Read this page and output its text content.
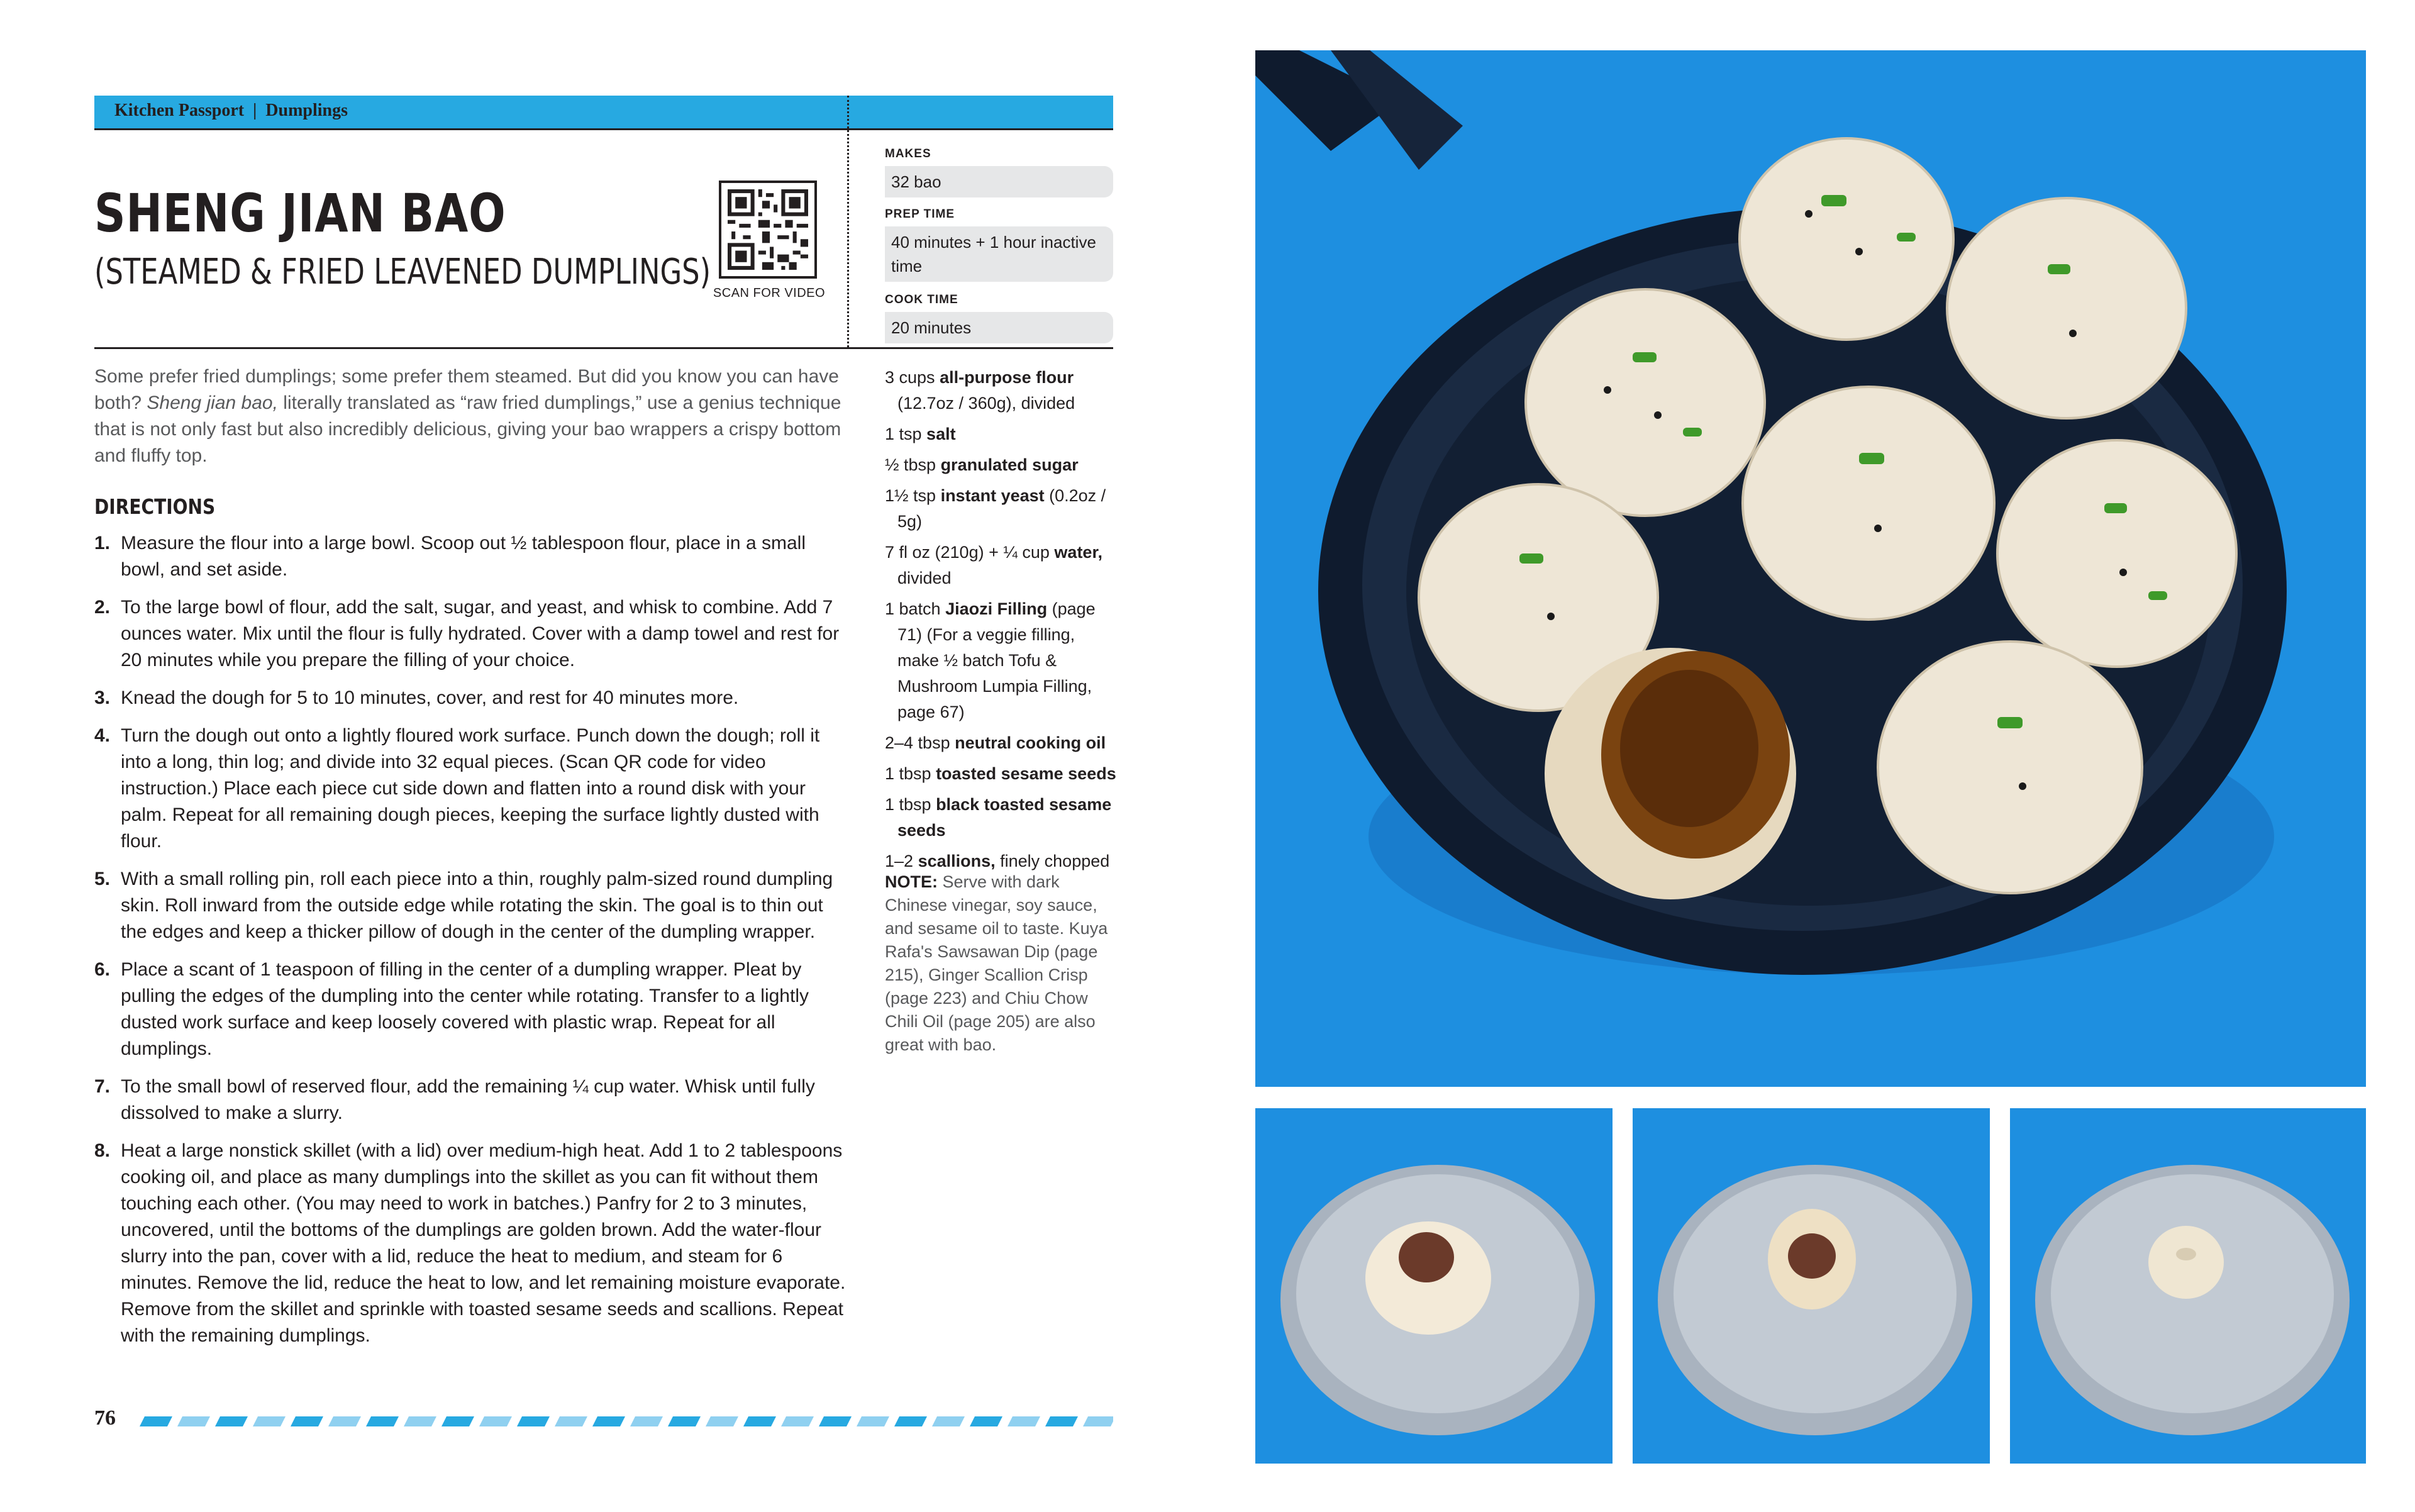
Kitchen Passport | Dumplings
SHENG JIAN BAO
(STEAMED & FRIED LEAVENED DUMPLINGS)
SCAN FOR VIDEO
MAKES
32 bao
PREP TIME
40 minutes + 1 hour inactive time
COOK TIME
20 minutes
Some prefer fried dumplings; some prefer them steamed. But did you know you can have both? Sheng jian bao, literally translated as “raw fried dumplings,” use a genius technique that is not only fast but also incredibly delicious, giving your bao wrappers a crispy bottom and fluffy top.
DIRECTIONS
1. Measure the flour into a large bowl. Scoop out ½ tablespoon flour, place in a small bowl, and set aside.
2. To the large bowl of flour, add the salt, sugar, and yeast, and whisk to combine. Add 7 ounces water. Mix until the flour is fully hydrated. Cover with a damp towel and rest for 20 minutes while you prepare the filling of your choice.
3. Knead the dough for 5 to 10 minutes, cover, and rest for 40 minutes more.
4. Turn the dough out onto a lightly floured work surface. Punch down the dough; roll it into a long, thin log; and divide into 32 equal pieces. (Scan QR code for video instruction.) Place each piece cut side down and flatten into a round disk with your palm. Repeat for all remaining dough pieces, keeping the surface lightly dusted with flour.
5. With a small rolling pin, roll each piece into a thin, roughly palm-sized round dumpling skin. Roll inward from the outside edge while rotating the skin. The goal is to thin out the edges and keep a thicker pillow of dough in the center of the dumpling wrapper.
6. Place a scant of 1 teaspoon of filling in the center of a dumpling wrapper. Pleat by pulling the edges of the dumpling into the center while rotating. Transfer to a lightly dusted work surface and keep loosely covered with plastic wrap. Repeat for all dumplings.
7. To the small bowl of reserved flour, add the remaining ¼ cup water. Whisk until fully dissolved to make a slurry.
8. Heat a large nonstick skillet (with a lid) over medium-high heat. Add 1 to 2 tablespoons cooking oil, and place as many dumplings into the skillet as you can fit without them touching each other. (You may need to work in batches.) Panfry for 2 to 3 minutes, uncovered, until the bottoms of the dumplings are golden brown. Add the water-flour slurry into the pan, cover with a lid, reduce the heat to medium, and steam for 6 minutes. Remove the lid, reduce the heat to low, and let remaining moisture evaporate. Remove from the skillet and sprinkle with toasted sesame seeds and scallions. Repeat with the remaining dumplings.
3 cups all-purpose flour (12.7oz / 360g), divided
1 tsp salt
½ tbsp granulated sugar
1½ tsp instant yeast (0.2oz / 5g)
7 fl oz (210g) + ¼ cup water, divided
1 batch Jiaozi Filling (page 71) (For a veggie filling, make ½ batch Tofu & Mushroom Lumpia Filling, page 67)
2–4 tbsp neutral cooking oil
1 tbsp toasted sesame seeds
1 tbsp black toasted sesame seeds
1–2 scallions, finely chopped
NOTE: Serve with dark Chinese vinegar, soy sauce, and sesame oil to taste. Kuya Rafa's Sawsawan Dip (page 215), Ginger Scallion Crisp (page 223) and Chiu Chow Chili Oil (page 205) are also great with bao.
76
